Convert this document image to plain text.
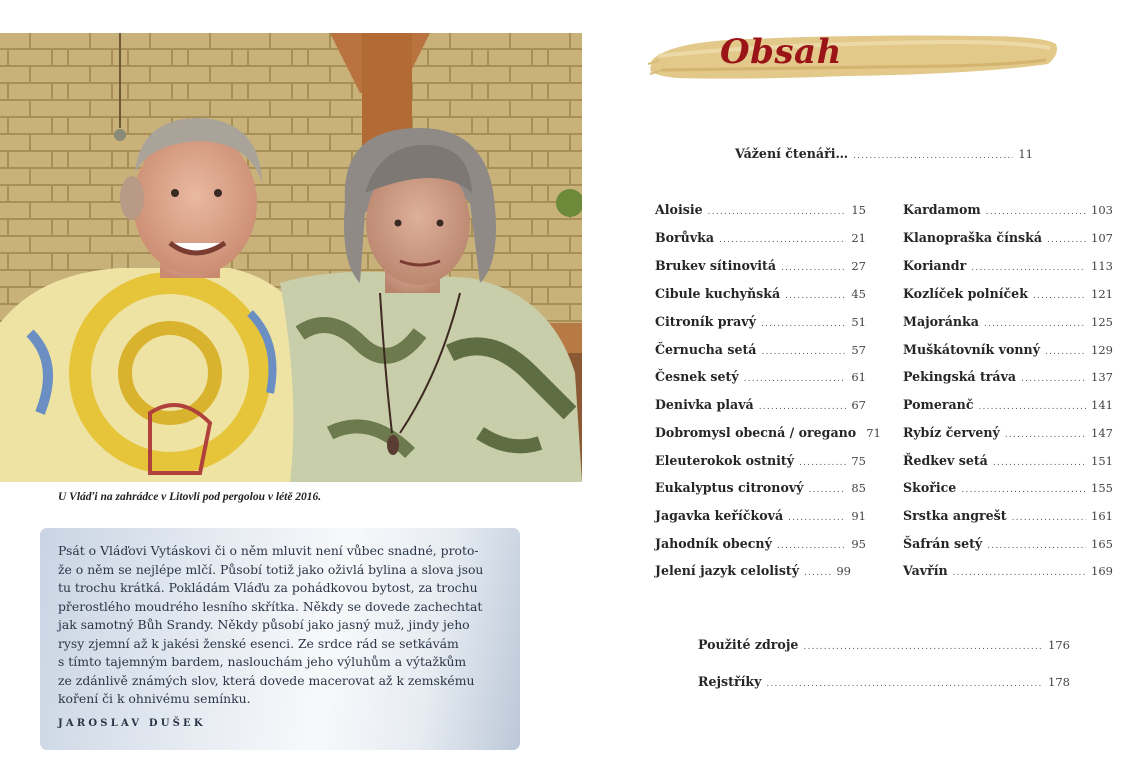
U Vláďi na zahrádce v Litovli pod pergolou v létě 2016.
Psát o Vláďovi Vytáskovi či o něm mluvit není vůbec snadné, proto-
že o něm se nejlépe mlčí. Působí totiž jako oživlá bylina a slova jsou
tu trochu krátká. Pokládám Vláďu za pohádkovou bytost, za trochu
přerostlého moudrého lesního skřítka. Někdy se dovede zachechtat
jak samotný Bůh Srandy. Někdy působí jako jasný muž, jindy jeho
rysy zjemní až k jakési ženské esenci. Ze srdce rád se setkávám
s tímto tajemným bardem, naslouchám jeho výluhům a výtažkům
ze zdánlivě známých slov, která dovede macerovat až k zemskému
koření či k ohnivému semínku.
JAROSLAV DUŠEK
Obsah
Vážení čtenáři… .....	11
Aloisie .....	15
Borůvka .....	21
Brukev sítinovitá .....	27
Cibule kuchyňská .....	45
Citroník pravý .....	51
Černucha setá .....	57
Česnek setý .....	61
Denivka plavá .....	67
Dobromysl obecná / oregano 71
Eleuterokok ostnitý .....	75
Eukalyptus citronový .....	85
Jagavka keříčková .....	91
Jahodník obecný .....	95
Jelení jazyk celolistý .....	99
Kardamom .....	103
Klanopraška čínská .....	107
Koriandr .....	113
Kozlíček polníček .....	121
Majoránka .....	125
Muškátovník vonný .....	129
Pekingská tráva .....	137
Pomeranč .....	141
Rybíz červený .....	147
Ředkev setá .....	151
Skořice .....	155
Srstka angrešt .....	161
Šafrán setý .....	165
Vavřín .....	169
Použité zdroje .....	176
Rejstříky .....	178
